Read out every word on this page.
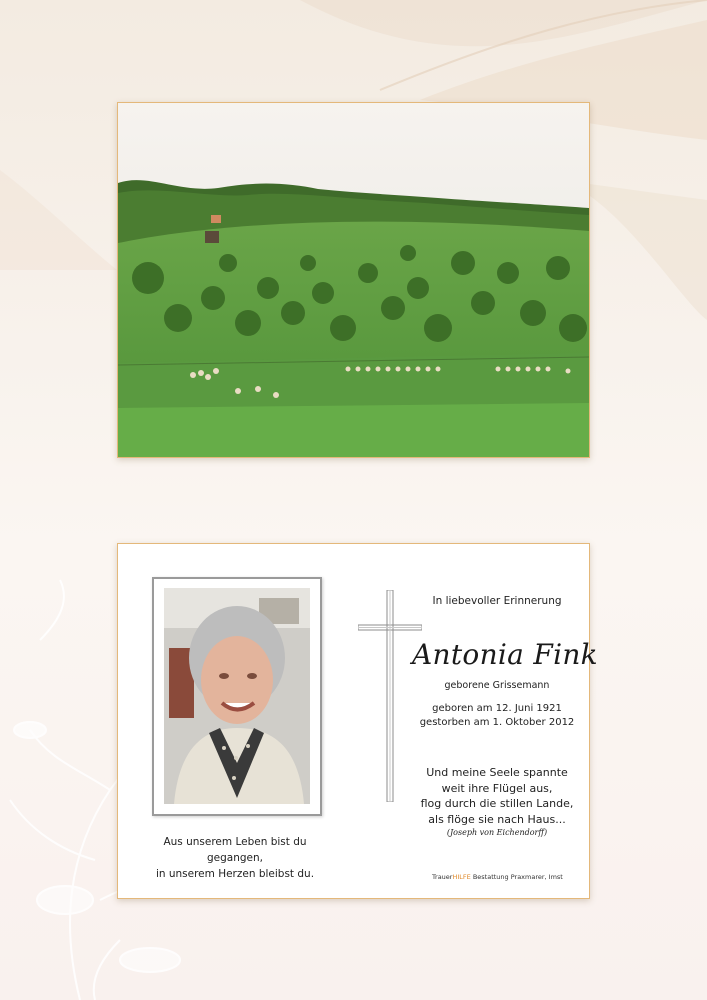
Aus unserem Leben bist du gegangen,
in unserem Herzen bleibst du.
In liebevoller Erinnerung
Antonia Fink
geborene Grissemann
geboren am 12. Juni 1921
gestorben am 1. Oktober 2012
Und meine Seele spannte
weit ihre Flügel aus,
flog durch die stillen Lande,
als flöge sie nach Haus...
(Joseph von Eichendorff)
TrauerHILFE Bestattung Praxmarer, Imst
